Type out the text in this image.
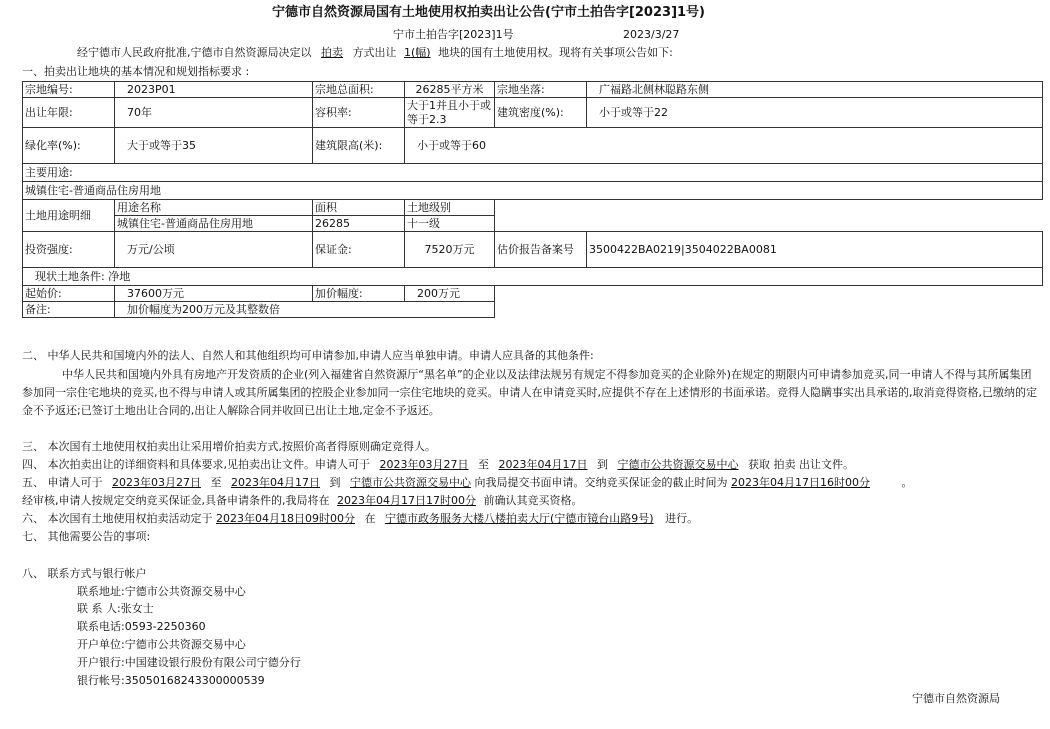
宁德市自然资源局国有土地使用权拍卖出让公告(宁市土拍告字[2023]1号)
宁市土拍告字[2023]1号	2023/3/27
经宁德市人民政府批准,宁德市自然资源局决定以 拍卖 方式出让 1(幅) 地块的国有土地使用权。现将有关事项公告如下:
一、拍卖出让地块的基本情况和规划指标要求 :
宗地编号:	2023P01	宗地总面积:	26285平方米	宗地坐落:	广福路北侧林聪路东侧
出让年限:	70年	容积率:	大于1并且小于或等于2.3	建筑密度(%):	小于或等于22
绿化率(%):	大于或等于35	建筑限高(米):	小于或等于60		
主要用途:					
城镇住宅-普通商品住房用地					
土地用途明细	用途名称	面积	土地级别		
	城镇住宅-普通商品住房用地	26285	十一级		
投资强度:	万元/公顷	保证金:	7520万元	估价报告备案号	3500422BA0219|3504022BA0081
现状土地条件: 净地					
起始价:	37600万元	加价幅度:	200万元		
备注:	加价幅度为200万元及其整数倍				
二、 中华人民共和国境内外的法人、自然人和其他组织均可申请参加,申请人应当单独申请。申请人应具备的其他条件:
中华人民共和国境内外具有房地产开发资质的企业(列入福建省自然资源厅“黑名单”的企业以及法律法规另有规定不得参加竞买的企业除外)在规定的期限内可申请参加竞买,同一申请人不得与其所属集团参加同一宗住宅地块的竞买,也不得与申请人或其所属集团的控股企业参加同一宗住宅地块的竞买。申请人在申请竞买时,应提供不存在上述情形的书面承诺。竞得人隐瞒事实出具承诺的,取消竞得资格,已缴纳的定金不予返还;已签订土地出让合同的,出让人解除合同并收回已出让土地,定金不予返还。
三、 本次国有土地使用权拍卖出让采用增价拍卖方式,按照价高者得原则确定竞得人。
四、 本次拍卖出让的详细资料和具体要求,见拍卖出让文件。申请人可于 2023年03月27日 至 2023年04月17日 到 宁德市公共资源交易中心 获取 拍卖 出让文件。
五、 申请人可于 2023年03月27日 至 2023年04月17日 到 宁德市公共资源交易中心 向我局提交书面申请。交纳竞买保证金的截止时间为 2023年04月17日16时00分	。
经审核,申请人按规定交纳竞买保证金,具备申请条件的,我局将在 2023年04月17日17时00分 前确认其竞买资格。
六、 本次国有土地使用权拍卖活动定于 2023年04月18日09时00分 在 宁德市政务服务大楼八楼拍卖大厅(宁德市镜台山路9号) 进行。
七、 其他需要公告的事项:
八、 联系方式与银行帐户
联系地址:宁德市公共资源交易中心
联 系 人:张女士
联系电话:0593-2250360
开户单位:宁德市公共资源交易中心
开户银行:中国建设银行股份有限公司宁德分行
银行帐号:35050168243300000539
宁德市自然资源局
